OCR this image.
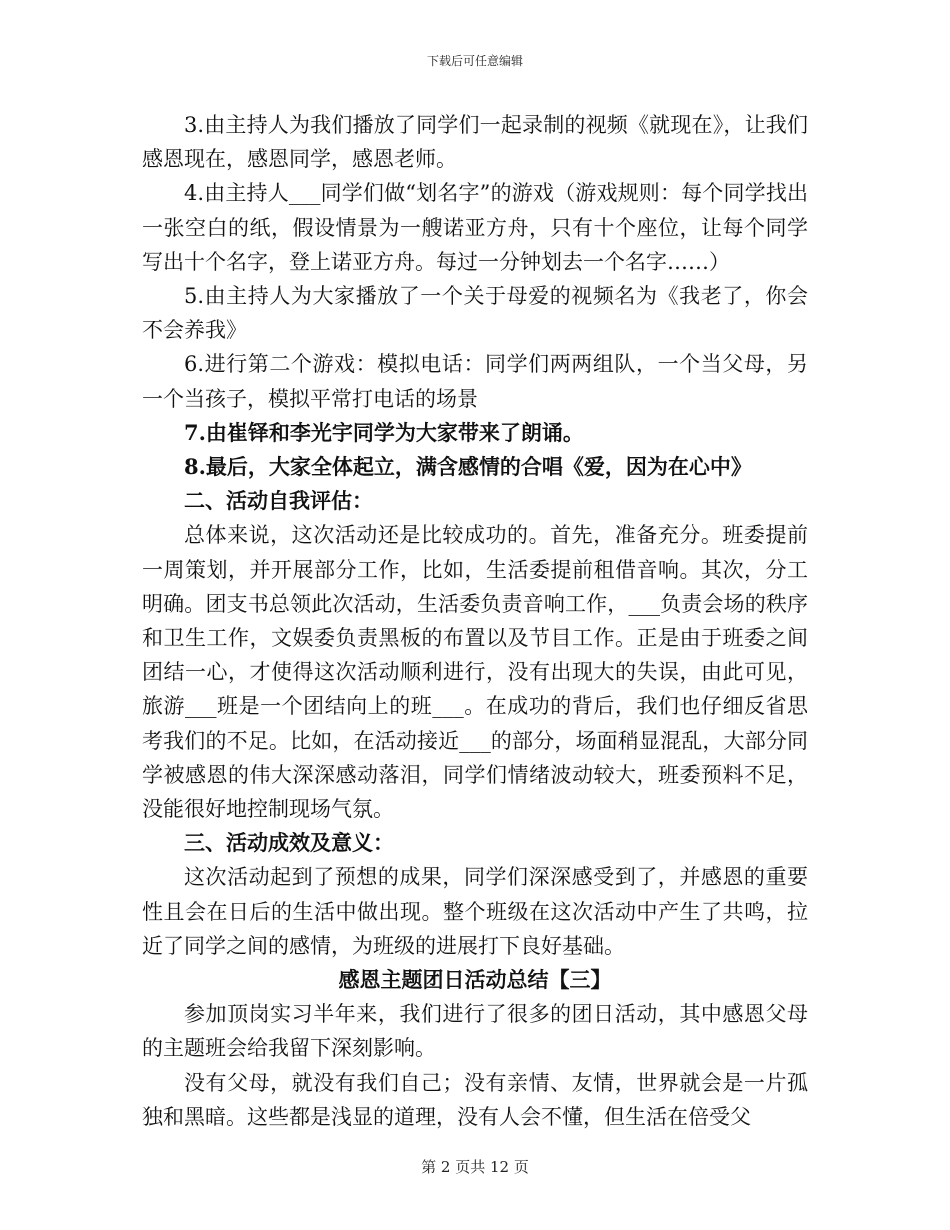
下载后可任意编辑

3.由主持人为我们播放了同学们一起录制的视频《就现在》，让我们感恩现在，感恩同学，感恩老师。

4.由主持人___同学们做“划名字”的游戏（游戏规则：每个同学找出一张空白的纸，假设情景为一艘诺亚方舟，只有十个座位，让每个同学写出十个名字，登上诺亚方舟。每过一分钟划去一个名字……）

5.由主持人为大家播放了一个关于母爱的视频名为《我老了，你会不会养我》

6.进行第二个游戏：模拟电话：同学们两两组队，一个当父母，另一个当孩子，模拟平常打电话的场景

7.由崔铎和李光宇同学为大家带来了朗诵。

8.最后，大家全体起立，满含感情的合唱《爱，因为在心中》

二、活动自我评估：

总体来说，这次活动还是比较成功的。首先，准备充分。班委提前一周策划，并开展部分工作，比如，生活委提前租借音响。其次，分工明确。团支书总领此次活动，生活委负责音响工作，___负责会场的秩序和卫生工作，文娱委负责黑板的布置以及节目工作。正是由于班委之间团结一心，才使得这次活动顺利进行，没有出现大的失误，由此可见，旅游___班是一个团结向上的班___。在成功的背后，我们也仔细反省思考我们的不足。比如，在活动接近___的部分，场面稍显混乱，大部分同学被感恩的伟大深深感动落泪，同学们情绪波动较大，班委预料不足，没能很好地控制现场气氛。

三、活动成效及意义：

这次活动起到了预想的成果，同学们深深感受到了，并感恩的重要性且会在日后的生活中做出现。整个班级在这次活动中产生了共鸣，拉近了同学之间的感情，为班级的进展打下良好基础。

感恩主题团日活动总结【三】

参加顶岗实习半年来，我们进行了很多的团日活动，其中感恩父母的主题班会给我留下深刻影响。

没有父母，就没有我们自己；没有亲情、友情，世界就会是一片孤独和黑暗。这些都是浅显的道理，没有人会不懂，但生活在倍受父

第 2 页共 12 页
